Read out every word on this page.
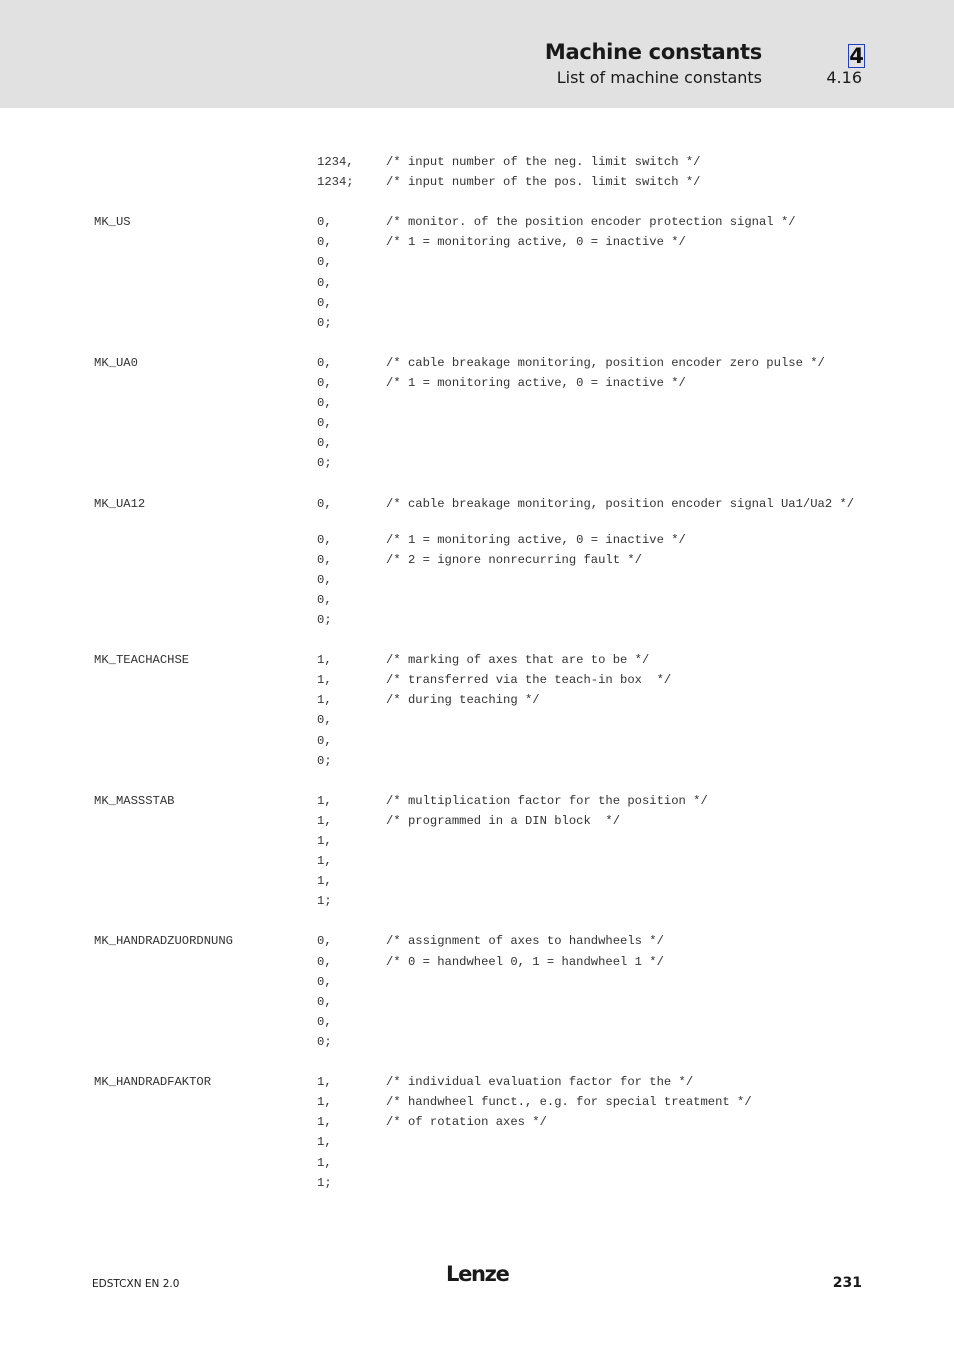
Machine constants
List of machine constants
4
4.16
1234,	/* input number of the neg. limit switch */
1234;	/* input number of the pos. limit switch */
MK_US	0,	/* monitor. of the position encoder protection signal */
0,	/* 1 = monitoring active, 0 = inactive */
0,
0,
0,
0;
MK_UA0	0,	/* cable breakage monitoring, position encoder zero pulse */
0,	/* 1 = monitoring active, 0 = inactive */
0,
0,
0,
0;
MK_UA12	0,	/* cable breakage monitoring, position encoder signal Ua1/Ua2 */
0,	/* 1 = monitoring active, 0 = inactive */
0,	/* 2 = ignore nonrecurring fault */
0,
0,
0;
MK_TEACHACHSE	1,	/* marking of axes that are to be */
1,	/* transferred via the teach-in box  */
1,	/* during teaching */
0,
0,
0;
MK_MASSSTAB	1,	/* multiplication factor for the position */
1,	/* programmed in a DIN block  */
1,
1,
1,
1;
MK_HANDRADZUORDNUNG	0,	/* assignment of axes to handwheels */
0,	/* 0 = handwheel 0, 1 = handwheel 1 */
0,
0,
0,
0;
MK_HANDRADFAKTOR	1,	/* individual evaluation factor for the */
1,	/* handwheel funct., e.g. for special treatment */
1,	/* of rotation axes */
1,
1,
1;
EDSTCXN EN 2.0	Lenze	231
